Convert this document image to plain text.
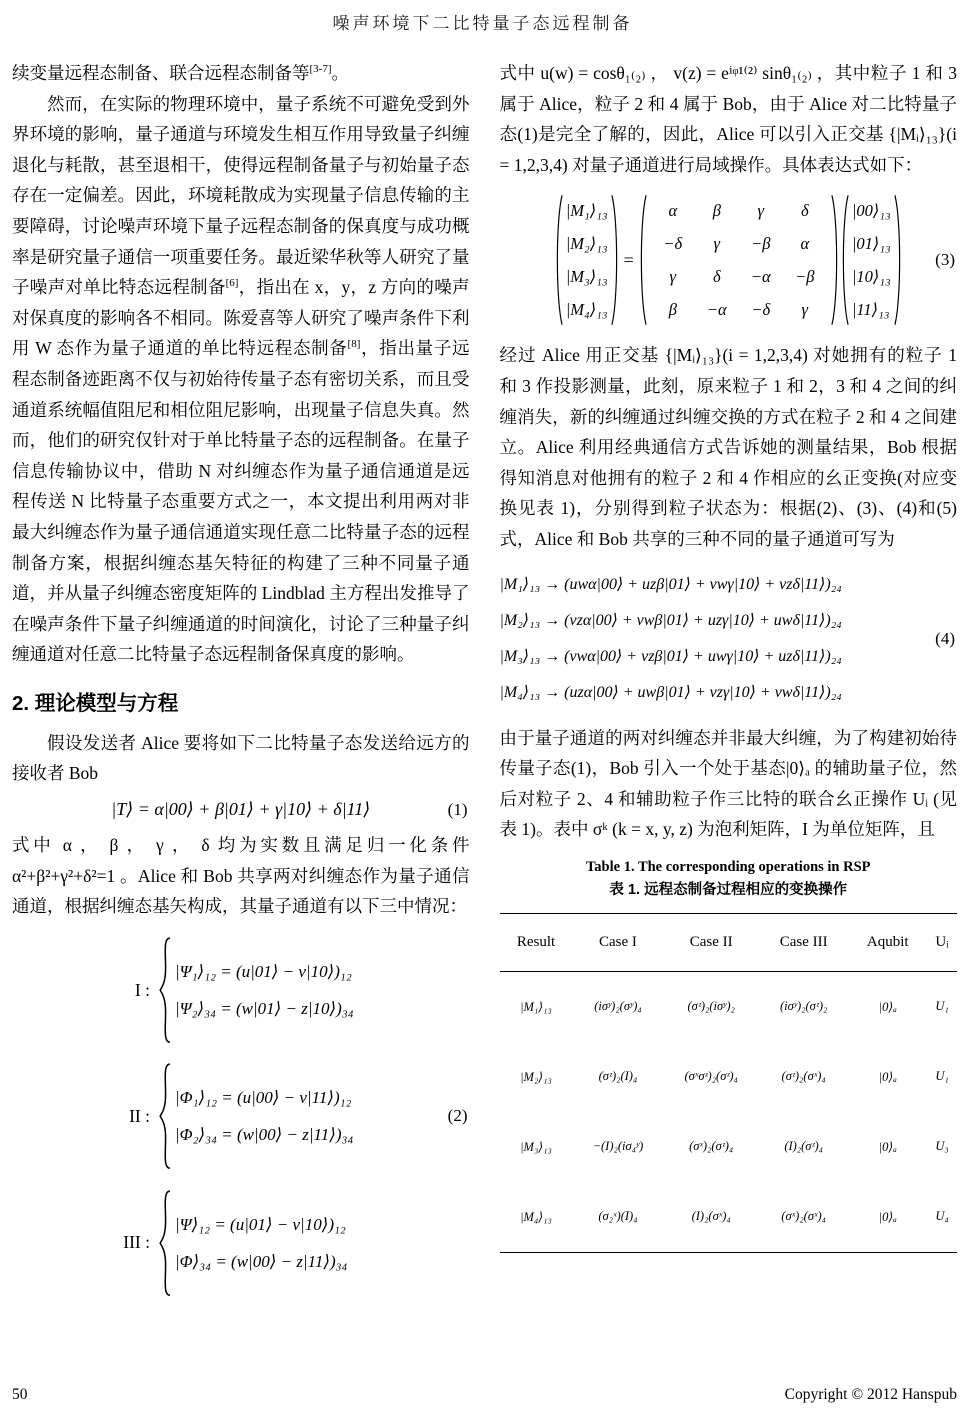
噪声环境下二比特量子态远程制备

续变量远程态制备、联合远程态制备等[3-7]。

然而，在实际的物理环境中，量子系统不可避免受到外界环境的影响，量子通道与环境发生相互作用导致量子纠缠退化与耗散，甚至退相干，使得远程制备量子与初始量子态存在一定偏差。因此，环境耗散成为实现量子信息传输的主要障碍，讨论噪声环境下量子远程态制备的保真度与成功概率是研究量子通信一项重要任务。最近梁华秋等人研究了量子噪声对单比特态远程制备[6]，指出在 x，y，z 方向的噪声对保真度的影响各不相同。陈爱喜等人研究了噪声条件下利用 W 态作为量子通道的单比特远程态制备[8]，指出量子远程态制备迹距离不仅与初始待传量子态有密切关系，而且受通道系统幅值阻尼和相位阻尼影响，出现量子信息失真。然而，他们的研究仅针对于单比特量子态的远程制备。在量子信息传输协议中，借助 N 对纠缠态作为量子通信通道是远程传送 N 比特量子态重要方式之一，本文提出利用两对非最大纠缠态作为量子通信通道实现任意二比特量子态的远程制备方案，根据纠缠态基矢特征的构建了三种不同量子通道，并从量子纠缠态密度矩阵的 Lindblad 主方程出发推导了在噪声条件下量子纠缠通道的时间演化，讨论了三种量子纠缠通道对任意二比特量子态远程制备保真度的影响。

2. 理论模型与方程

假设发送者 Alice 要将如下二比特量子态发送给远方的接收者 Bob

|T⟩ = α|00⟩ + β|01⟩ + γ|10⟩ + δ|11⟩	(1)

式中 α ， β ， γ ， δ 均为实数且满足归一化条件 α²+β²+γ²+δ²=1 。Alice 和 Bob 共享两对纠缠态作为量子通信通道，根据纠缠态基矢构成，其量子通道有以下三中情况：

I :
|Ψ₁⟩₁₂ = (u|01⟩ − v|10⟩)₁₂
|Ψ₂⟩₃₄ = (w|01⟩ − z|10⟩)₃₄
II :
|Φ₁⟩₁₂ = (u|00⟩ − v|11⟩)₁₂
|Φ₂⟩₃₄ = (w|00⟩ − z|11⟩)₃₄
III :
|Ψ⟩₁₂ = (u|01⟩ − v|10⟩)₁₂
|Φ⟩₃₄ = (w|00⟩ − z|11⟩)₃₄
(2)

式中 u(w) = cosθ₁₍₂₎ ， v(z) = eⁱᵠ¹⁽²⁾ sinθ₁₍₂₎ ，其中粒子 1 和 3 属于 Alice，粒子 2 和 4 属于 Bob，由于 Alice 对二比特量子态(1)是完全了解的，因此，Alice 可以引入正交基 {|Mᵢ⟩₁₃}(i = 1,2,3,4) 对量子通道进行局域操作。具体表达式如下：

|M₁⟩₁₃
|M₂⟩₁₃
|M₃⟩₁₃
|M₄⟩₁₃
=
α	β	γ	δ
−δ	γ	−β	α
γ	δ	−α	−β
β	−α	−δ	γ
|00⟩₁₃
|01⟩₁₃
|10⟩₁₃
|11⟩₁₃
(3)

经过 Alice 用正交基 {|Mᵢ⟩₁₃}(i = 1,2,3,4) 对她拥有的粒子 1 和 3 作投影测量，此刻，原来粒子 1 和 2，3 和 4 之间的纠缠消失，新的纠缠通过纠缠交换的方式在粒子 2 和 4 之间建立。Alice 利用经典通信方式告诉她的测量结果，Bob 根据得知消息对他拥有的粒子 2 和 4 作相应的幺正变换(对应变换见表 1)，分别得到粒子状态为：根据(2)、(3)、(4)和(5)式，Alice 和 Bob 共享的三种不同的量子通道可写为

|M₁⟩₁₃ → (uwα|00⟩ + uzβ|01⟩ + vwγ|10⟩ + vzδ|11⟩)₂₄
|M₂⟩₁₃ → (vzα|00⟩ + vwβ|01⟩ + uzγ|10⟩ + uwδ|11⟩)₂₄
|M₃⟩₁₃ → (vwα|00⟩ + vzβ|01⟩ + uwγ|10⟩ + uzδ|11⟩)₂₄
|M₄⟩₁₃ → (uzα|00⟩ + uwβ|01⟩ + vzγ|10⟩ + vwδ|11⟩)₂₄
(4)

由于量子通道的两对纠缠态并非最大纠缠，为了构建初始待传量子态(1)，Bob 引入一个处于基态|0⟩ₐ 的辅助量子位，然后对粒子 2、4 和辅助粒子作三比特的联合幺正操作 Uᵢ (见表 1)。表中 σᵏ (k = x, y, z) 为泡利矩阵，I 为单位矩阵，且

Table 1. The corresponding operations in RSP
表 1. 远程态制备过程相应的变换操作
Result	Case I	Case II	Case III	Aqubit	Uᵢ
|M₁⟩₁₃	(iσʸ)₂(σʸ)₄	(σᶻ)₂(iσʸ)₂	(iσʸ)₂(σᶻ)₂	|0⟩ₐ	U₁
|M₂⟩₁₃	(σᶻ)₂(I)₄	(σˣσᶻ)₂(σᶻ)₄	(σᶻ)₂(σˣ)₄	|0⟩ₐ	U₁
|M₃⟩₁₃	−(I)₂(iσ₄ʸ)	(σˣ)₂(σᶻ)₄	(I)₂(σᶻ)₄	|0⟩ₐ	U₃
|M₄⟩₁₃	(σ₂ˣ)(I)₄	(I)₂(σˣ)₄	(σˣ)₂(σˣ)₄	|0⟩ₐ	U₄
50	Copyright © 2012 Hanspub
